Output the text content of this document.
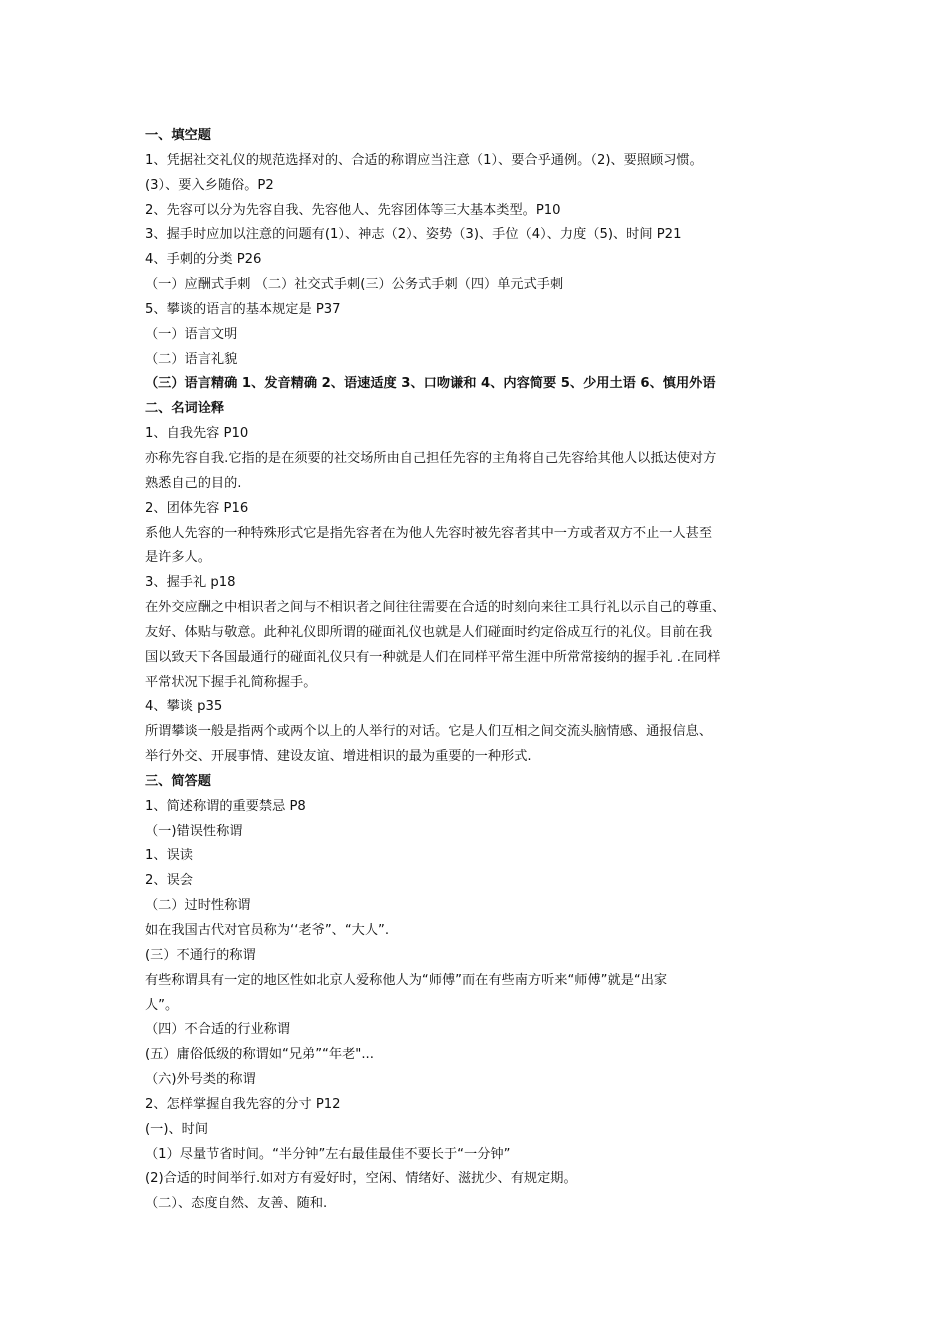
一、填空题
1、凭据社交礼仪的规范选择对的、合适的称谓应当注意（1）、要合乎通例。（2)、要照顾习惯。
(3）、要入乡随俗。P2
2、先容可以分为先容自我、先容他人、先容团体等三大基本类型。P10
3、握手时应加以注意的问题有(1）、神志（2）、姿势（3)、手位（4）、力度（5)、时间 P21
4、手刺的分类 P26
（一）应酬式手刺 （二）社交式手刺(三）公务式手刺（四）单元式手刺
5、攀谈的语言的基本规定是 P37
（一）语言文明
（二）语言礼貌
（三）语言精确 1、发音精确 2、语速适度 3、口吻谦和 4、内容简要 5、少用土语 6、慎用外语
二、名词诠释
1、自我先容 P10
亦称先容自我.它指的是在须要的社交场所由自己担任先容的主角将自己先容给其他人以抵达使对方
熟悉自己的目的.
2、团体先容 P16
系他人先容的一种特殊形式它是指先容者在为他人先容时被先容者其中一方或者双方不止一人甚至
是许多人。
3、握手礼 p18
在外交应酬之中相识者之间与不相识者之间往往需要在合适的时刻向来往工具行礼以示自己的尊重、
友好、体贴与敬意。此种礼仪即所谓的碰面礼仪也就是人们碰面时约定俗成互行的礼仪。目前在我
国以致天下各国最通行的碰面礼仪只有一种就是人们在同样平常生涯中所常常接纳的握手礼 .在同样
平常状况下握手礼简称握手。
4、攀谈 p35
所谓攀谈一般是指两个或两个以上的人举行的对话。它是人们互相之间交流头脑情感、通报信息、
举行外交、开展事情、建设友谊、增进相识的最为重要的一种形式.
三、简答题
1、简述称谓的重要禁忌 P8
（一)错误性称谓
1、误读
2、误会
（二）过时性称谓
如在我国古代对官员称为‘‘老爷”、“大人”.
(三）不通行的称谓
有些称谓具有一定的地区性如北京人爱称他人为“师傅”而在有些南方听来“师傅”就是“出家
人”。
（四）不合适的行业称谓
(五）庸俗低级的称谓如“兄弟”“年老"...
（六)外号类的称谓
2、怎样掌握自我先容的分寸 P12
(一)、时间
（1）尽量节省时间。“半分钟”左右最佳最佳不要长于“一分钟”
(2)合适的时间举行.如对方有爱好时，空闲、情绪好、滋扰少、有规定期。
（二）、态度自然、友善、随和.
